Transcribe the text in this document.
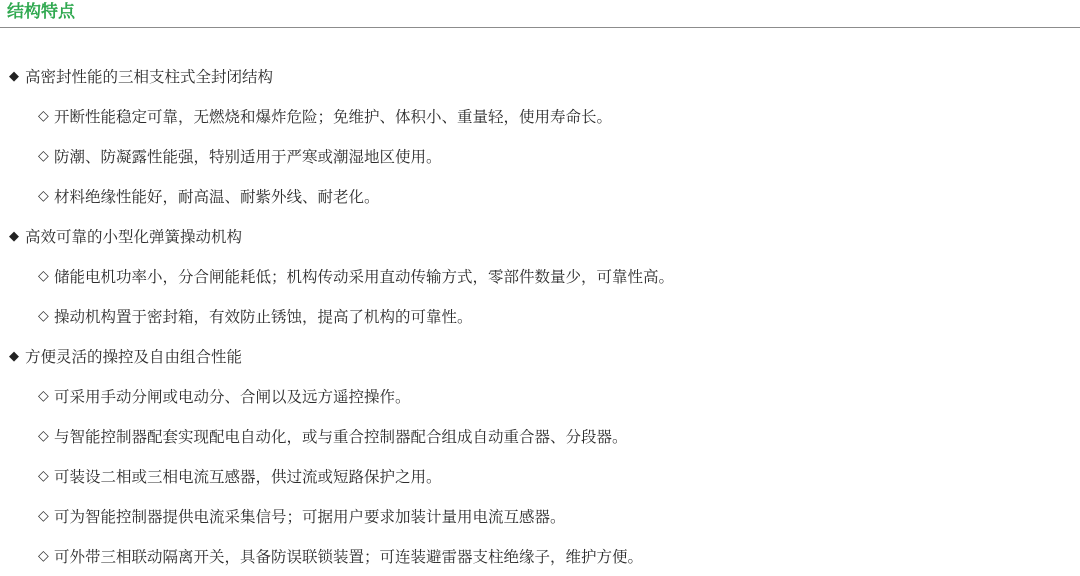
结构特点
◆ 高密封性能的三相支柱式全封闭结构
◇ 开断性能稳定可靠，无燃烧和爆炸危险；免维护、体积小、重量轻，使用寿命长。
◇ 防潮、防凝露性能强，特别适用于严寒或潮湿地区使用。
◇ 材料绝缘性能好，耐高温、耐紫外线、耐老化。
◆ 高效可靠的小型化弹簧操动机构
◇ 储能电机功率小，分合闸能耗低；机构传动采用直动传输方式，零部件数量少，可靠性高。
◇ 操动机构置于密封箱，有效防止锈蚀，提高了机构的可靠性。
◆ 方便灵活的操控及自由组合性能
◇ 可采用手动分闸或电动分、合闸以及远方遥控操作。
◇ 与智能控制器配套实现配电自动化，或与重合控制器配合组成自动重合器、分段器。
◇ 可装设二相或三相电流互感器，供过流或短路保护之用。
◇ 可为智能控制器提供电流采集信号；可据用户要求加装计量用电流互感器。
◇ 可外带三相联动隔离开关，具备防误联锁装置；可连装避雷器支柱绝缘子，维护方便。
